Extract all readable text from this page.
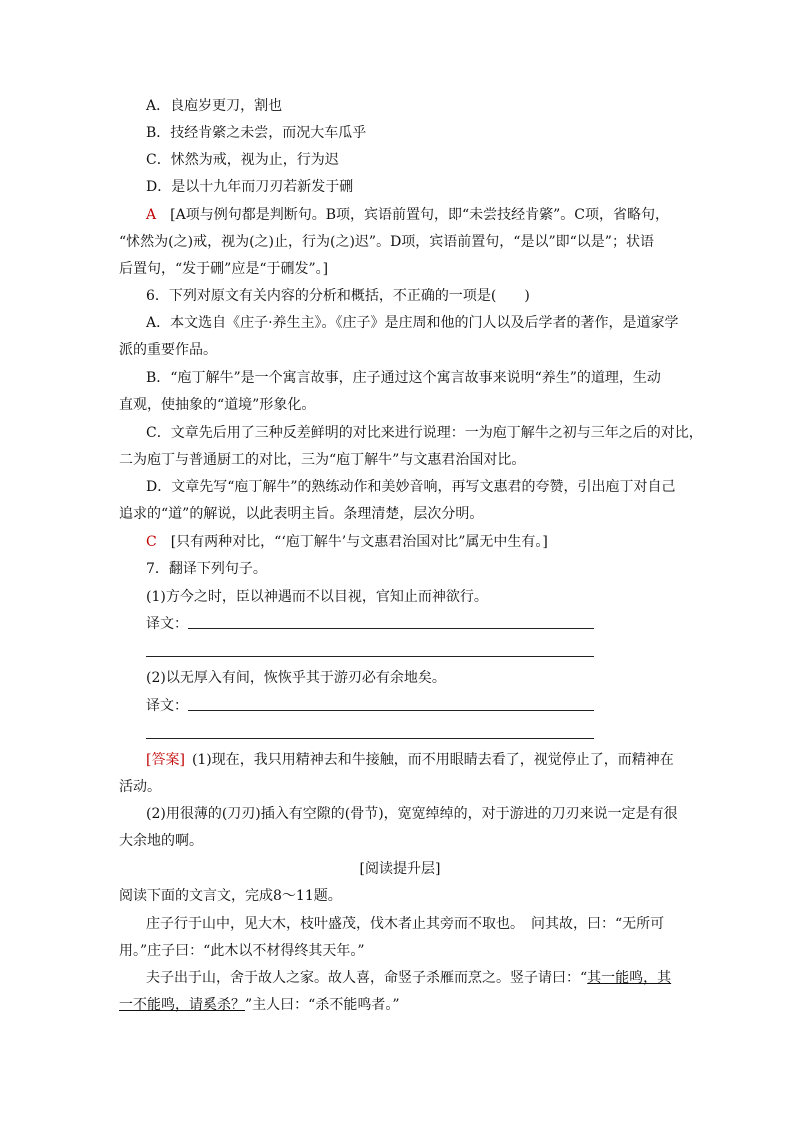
A．良庖岁更刀，割也
B．技经肯綮之未尝，而况大车瓜乎
C．怵然为戒，视为止，行为迟
D．是以十九年而刀刃若新发于硎
A  [A项与例句都是判断句。B项，宾语前置句，即“未尝技经肯綮”。C项，省略句，
“怵然为(之)戒，视为(之)止，行为(之)迟”。D项，宾语前置句，“是以”即“以是”；状语
后置句，“发于硎”应是“于硎发”。]
6．下列对原文有关内容的分析和概括，不正确的一项是(　　)
A．本文选自《庄子·养生主》。《庄子》是庄周和他的门人以及后学者的著作，是道家学
派的重要作品。
B．“庖丁解牛”是一个寓言故事，庄子通过这个寓言故事来说明“养生”的道理，生动
直观，使抽象的“道境”形象化。
C．文章先后用了三种反差鲜明的对比来进行说理：一为庖丁解牛之初与三年之后的对比，
二为庖丁与普通厨工的对比，三为“庖丁解牛”与文惠君治国对比。
D．文章先写“庖丁解牛”的熟练动作和美妙音响，再写文惠君的夸赞，引出庖丁对自己
追求的“道”的解说，以此表明主旨。条理清楚，层次分明。
C  [只有两种对比，“‘庖丁解牛’与文惠君治国对比”属无中生有。]
7．翻译下列句子。
(1)方今之时，臣以神遇而不以目视，官知止而神欲行。
译文：
(2)以无厚入有间，恢恢乎其于游刃必有余地矣。
译文：
[答案]  (1)现在，我只用精神去和牛接触，而不用眼睛去看了，视觉停止了，而精神在
活动。
(2)用很薄的(刀刃)插入有空隙的(骨节)，宽宽绰绰的，对于游进的刀刃来说一定是有很
大余地的啊。
[阅读提升层]
阅读下面的文言文，完成8～11题。
庄子行于山中，见大木，枝叶盛茂，伐木者止其旁而不取也。　问其故，曰：“无所可
用。”庄子曰：“此木以不材得终其天年。”
夫子出于山，舍于故人之家。故人喜，命竖子杀雁而烹之。竖子请曰：“其一能鸣，其
一不能鸣，请奚杀？”主人曰：“杀不能鸣者。”
